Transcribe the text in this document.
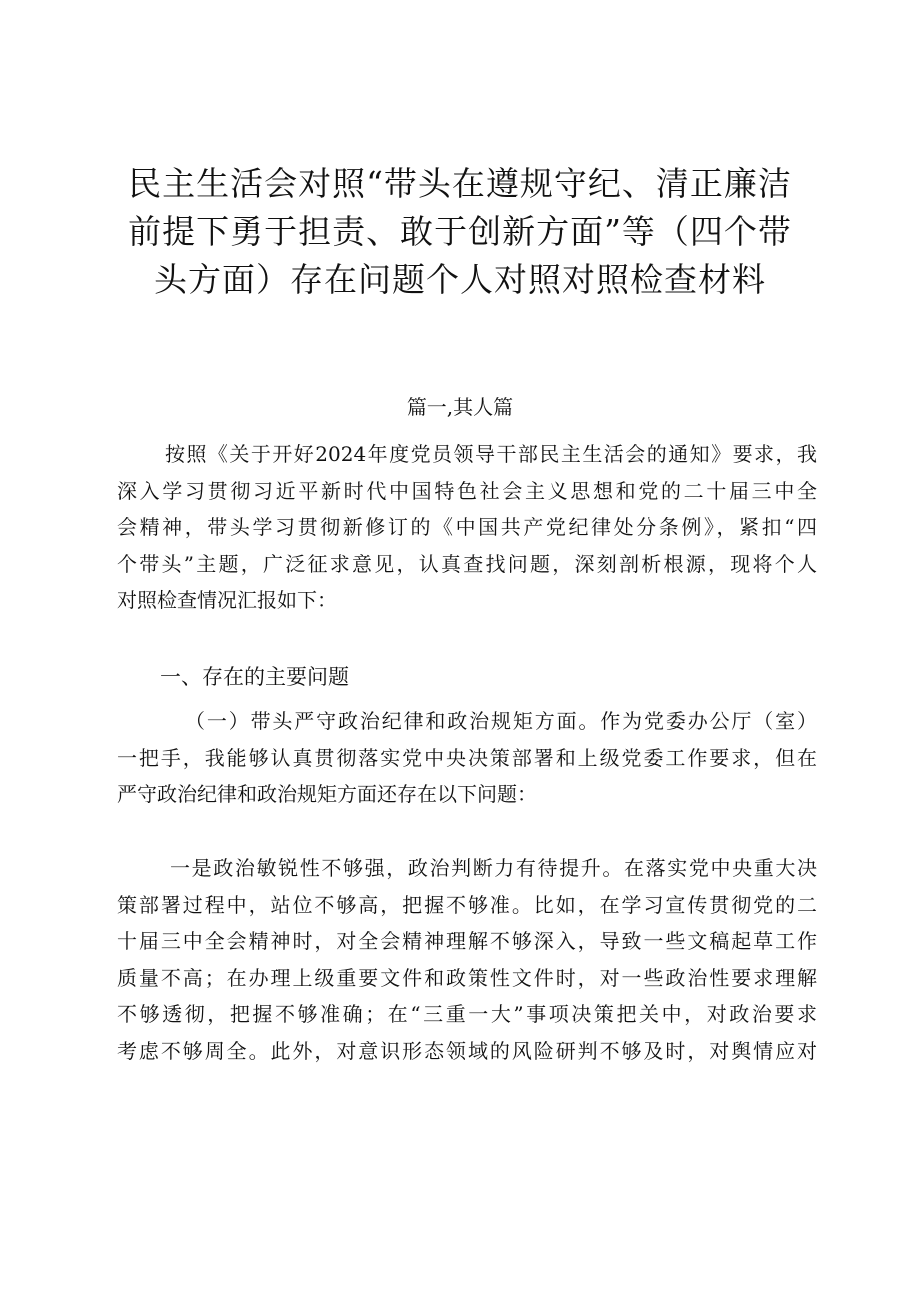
民主生活会对照“带头在遵规守纪、清正廉洁
前提下勇于担责、敢于创新方面”等（四个带
头方面）存在问题个人对照对照检查材料
篇一,其人篇
按照《关于开好2024年度党员领导干部民主生活会的通知》要求，我
深入学习贯彻习近平新时代中国特色社会主义思想和党的二十届三中全
会精神，带头学习贯彻新修订的《中国共产党纪律处分条例》，紧扣“四
个带头”主题，广泛征求意见，认真查找问题，深刻剖析根源，现将个人
对照检查情况汇报如下：
一、存在的主要问题
（一）带头严守政治纪律和政治规矩方面。作为党委办公厅（室）
一把手，我能够认真贯彻落实党中央决策部署和上级党委工作要求，但在
严守政治纪律和政治规矩方面还存在以下问题：
一是政治敏锐性不够强，政治判断力有待提升。在落实党中央重大决
策部署过程中，站位不够高，把握不够准。比如，在学习宣传贯彻党的二
十届三中全会精神时，对全会精神理解不够深入，导致一些文稿起草工作
质量不高；在办理上级重要文件和政策性文件时，对一些政治性要求理解
不够透彻，把握不够准确；在“三重一大”事项决策把关中，对政治要求
考虑不够周全。此外，对意识形态领域的风险研判不够及时，对舆情应对
